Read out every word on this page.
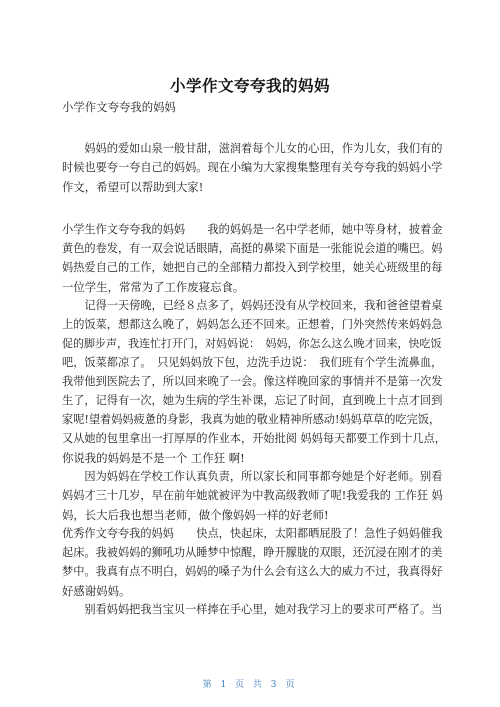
小学作文夸夸我的妈妈
小学作文夸夸我的妈妈
　　妈妈的爱如山泉一般甘甜，滋润着每个儿女的心田，作为儿女，我们有的
时候也要夸一夸自己的妈妈。现在小编为大家搜集整理有关夸夸我的妈妈小学
作文，希望可以帮助到大家!
小学生作文夸夸我的妈妈　　我的妈妈是一名中学老师，她中等身材，披着金
黄色的卷发，有一双会说话眼睛，高挺的鼻梁下面是一张能说会道的嘴巴。妈
妈热爱自己的工作，她把自己的全部精力都投入到学校里，她关心班级里的每
一位学生，常常为了工作废寝忘食。
　　记得一天傍晚，已经８点多了，妈妈还没有从学校回来，我和爸爸望着桌
上的饭菜，想都这么晚了，妈妈怎么还不回来。正想着，门外突然传来妈妈急
促的脚步声，我连忙打开门，对妈妈说：　妈妈，你怎么这么晚才回来，快吃饭
吧，饭菜都凉了。　只见妈妈放下包，边洗手边说：　我们班有个学生流鼻血，
我带他到医院去了，所以回来晚了一会。像这样晚回家的事情并不是第一次发
生了，记得有一次，她为生病的学生补课，忘记了时间，直到晚上十点才回到
家呢!望着妈妈疲惫的身影，我真为她的敬业精神所感动!妈妈草草的吃完饭，
又从她的包里拿出一打厚厚的作业本，开始批阅 妈妈每天都要工作到十几点，
你说我的妈妈是不是一个 工作狂 啊!
　　因为妈妈在学校工作认真负责，所以家长和同事都夸她是个好老师。别看
妈妈才三十几岁，早在前年她就被评为中教高级教师了呢!我爱我的 工作狂 妈
妈，长大后我也想当老师，做个像妈妈一样的好老师!
优秀作文夸夸我的妈妈　　快点，快起床，太阳都晒屁股了！急性子妈妈催我
起床。我被妈妈的狮吼功从睡梦中惊醒，睁开朦胧的双眼，还沉浸在刚才的美
梦中。我真有点不明白，妈妈的嗓子为什么会有这么大的威力不过，我真得好
好感谢妈妈。
　　别看妈妈把我当宝贝一样捧在手心里，她对我学习上的要求可严格了。当
第 1 页 共 3 页
